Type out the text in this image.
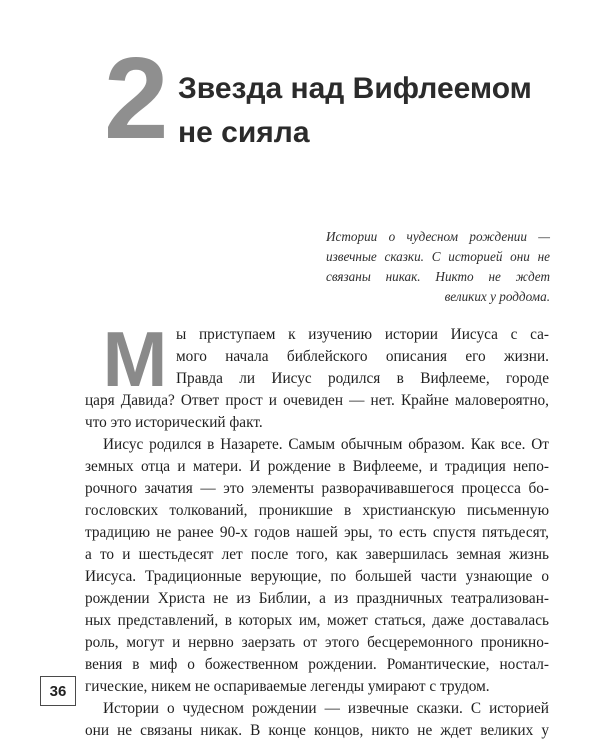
2 Звезда над Вифлеемом
не сияла
Истории о чудесном рождении —
извечные сказки. С историей они не
связаны никак. Никто не ждет
великих у роддома.
М ы приступаем к изучению истории Иисуса с са-
мого начала библейского описания его жизни.
Правда ли Иисус родился в Вифлееме, городе
царя Давида? Ответ прост и очевиден — нет. Крайне маловероятно,
что это исторический факт.
Иисус родился в Назарете. Самым обычным образом. Как все. От
земных отца и матери. И рождение в Вифлееме, и традиция непо-
рочного зачатия — это элементы разворачивавшегося процесса бо-
гословских толкований, проникшие в христианскую письменную
традицию не ранее 90-х годов нашей эры, то есть спустя пятьдесят,
а то и шестьдесят лет после того, как завершилась земная жизнь
Иисуса. Традиционные верующие, по большей части узнающие о
рождении Христа не из Библии, а из праздничных театрализован-
ных представлений, в которых им, может статься, даже доставалась
роль, могут и нервно заерзать от этого бесцеремонного проникно-
вения в миф о божественном рождении. Романтические, ностал-
гические, никем не оспариваемые легенды умирают с трудом.
Истории о чудесном рождении — извечные сказки. С историей
они не связаны никак. В конце концов, никто не ждет великих у
36
